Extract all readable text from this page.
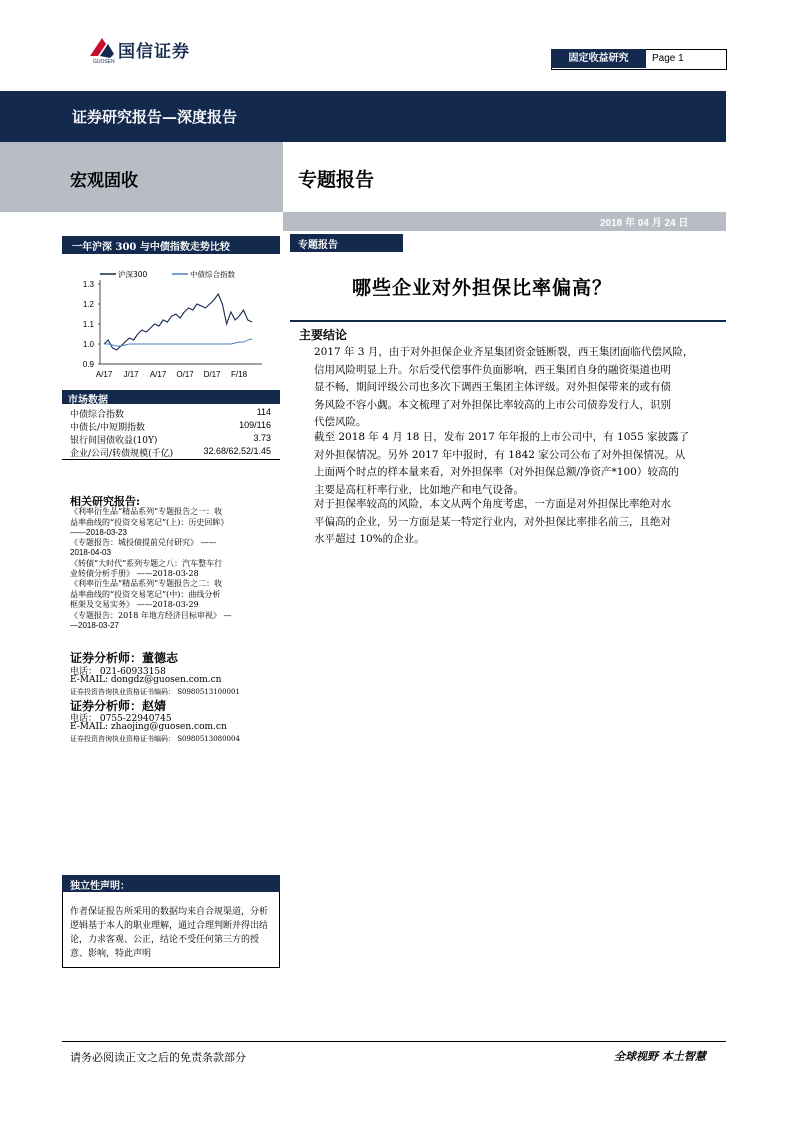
国信证券
GUOSEN	固定收益研究	Page 1
证券研究报告—深度报告
宏观固收	专题报告
2018 年 04 月 24 日
一年沪深 300 与中债指数走势比较
沪深300	中债综合指数
1.3
1.2
1.1
1.0
0.9
A/17 J/17 A/17 O/17 D/17 F/18
市场数据
中债综合指数	114
中债长/中短期指数	109/116
银行间国债收益(10Y)	3.73
企业/公司/转债规模(千亿)	32.68/62.52/1.45
相关研究报告:
《利率衍生品“精品系列”专题报告之一：收
益率曲线的“投资交易笔记”(上)：历史回眸》
——2018-03-23
《专题报告：城投债提前兑付研究》 ——
2018-04-03
《转债“大时代”系列专题之八：汽车整车行
业转债分析手册》 ——2018-03-28
《利率衍生品“精品系列”专题报告之二：收
益率曲线的“投资交易笔记”(中)：曲线分析
框架及交易实务》 ——2018-03-29
《专题报告：2018 年地方经济目标审视》 —
—2018-03-27
证券分析师：董德志
电话： 021-60933158
E-MAIL: dongdz@guosen.com.cn
证券投资咨询执业资格证书编码： S0980513100001
证券分析师：赵婧
电话： 0755-22940745
E-MAIL: zhaojing@guosen.com.cn
证券投资咨询执业资格证书编码： S0980513080004
独立性声明：
作者保证报告所采用的数据均来自合规渠道，分析逻辑基于本人的职业理解，通过合理判断并得出结论，力求客观、公正，结论不受任何第三方的授意、影响，特此声明
专题报告
哪些企业对外担保比率偏高？
主要结论
2017 年 3 月，由于对外担保企业齐星集团资金链断裂，西王集团面临代偿风险，
信用风险明显上升。尔后受代偿事件负面影响，西王集团自身的融资渠道也明
显不畅，期间评级公司也多次下调西王集团主体评级。对外担保带来的或有债
务风险不容小觑。本文梳理了对外担保比率较高的上市公司债券发行人，识别
代偿风险。
截至 2018 年 4 月 18 日，发布 2017 年年报的上市公司中，有 1055 家披露了
对外担保情况。另外 2017 年中报时，有 1842 家公司公布了对外担保情况。从
上面两个时点的样本量来看，对外担保率（对外担保总额/净资产*100）较高的
主要是高杠杆率行业，比如地产和电气设备。
对于担保率较高的风险，本文从两个角度考虑，一方面是对外担保比率绝对水
平偏高的企业，另一方面是某一特定行业内，对外担保比率排名前三，且绝对
水平超过 10%的企业。
请务必阅读正文之后的免责条款部分	全球视野 本土智慧
